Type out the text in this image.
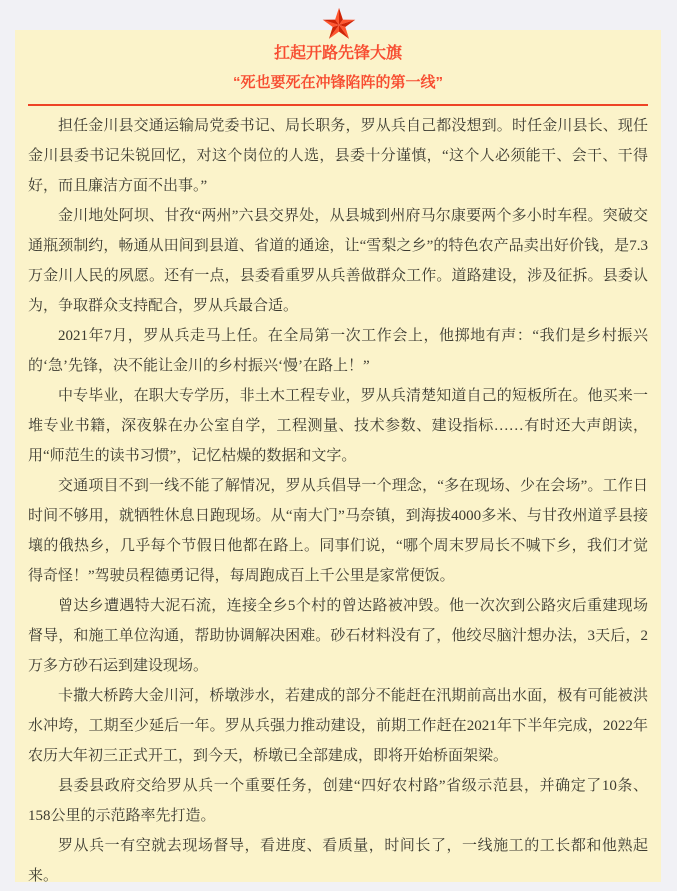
扛起开路先锋大旗
“死也要死在冲锋陷阵的第一线”

担任金川县交通运输局党委书记、局长职务，罗从兵自己都没想到。时任金川县长、现任金川县委书记朱锐回忆，对这个岗位的人选，县委十分谨慎，“这个人必须能干、会干、干得好，而且廉洁方面不出事。”

金川地处阿坝、甘孜“两州”六县交界处，从县城到州府马尔康要两个多小时车程。突破交通瓶颈制约，畅通从田间到县道、省道的通途，让“雪梨之乡”的特色农产品卖出好价钱，是7.3万金川人民的夙愿。还有一点，县委看重罗从兵善做群众工作。道路建设，涉及征拆。县委认为，争取群众支持配合，罗从兵最合适。

2021年7月，罗从兵走马上任。在全局第一次工作会上，他掷地有声：“我们是乡村振兴的‘急’先锋，决不能让金川的乡村振兴‘慢’在路上！”

中专毕业，在职大专学历，非土木工程专业，罗从兵清楚知道自己的短板所在。他买来一堆专业书籍，深夜躲在办公室自学，工程测量、技术参数、建设指标……有时还大声朗读，用“师范生的读书习惯”，记忆枯燥的数据和文字。

交通项目不到一线不能了解情况，罗从兵倡导一个理念，“多在现场、少在会场”。工作日时间不够用，就牺牲休息日跑现场。从“南大门”马奈镇，到海拔4000多米、与甘孜州道孚县接壤的俄热乡，几乎每个节假日他都在路上。同事们说，“哪个周末罗局长不喊下乡，我们才觉得奇怪！”驾驶员程德勇记得，每周跑成百上千公里是家常便饭。

曾达乡遭遇特大泥石流，连接全乡5个村的曾达路被冲毁。他一次次到公路灾后重建现场督导，和施工单位沟通，帮助协调解决困难。砂石材料没有了，他绞尽脑汁想办法，3天后，2万多方砂石运到建设现场。

卡撒大桥跨大金川河，桥墩涉水，若建成的部分不能赶在汛期前高出水面，极有可能被洪水冲垮，工期至少延后一年。罗从兵强力推动建设，前期工作赶在2021年下半年完成，2022年农历大年初三正式开工，到今天，桥墩已全部建成，即将开始桥面架梁。

县委县政府交给罗从兵一个重要任务，创建“四好农村路”省级示范县，并确定了10条、158公里的示范路率先打造。

罗从兵一有空就去现场督导，看进度、看质量，时间长了，一线施工的工长都和他熟起来。
